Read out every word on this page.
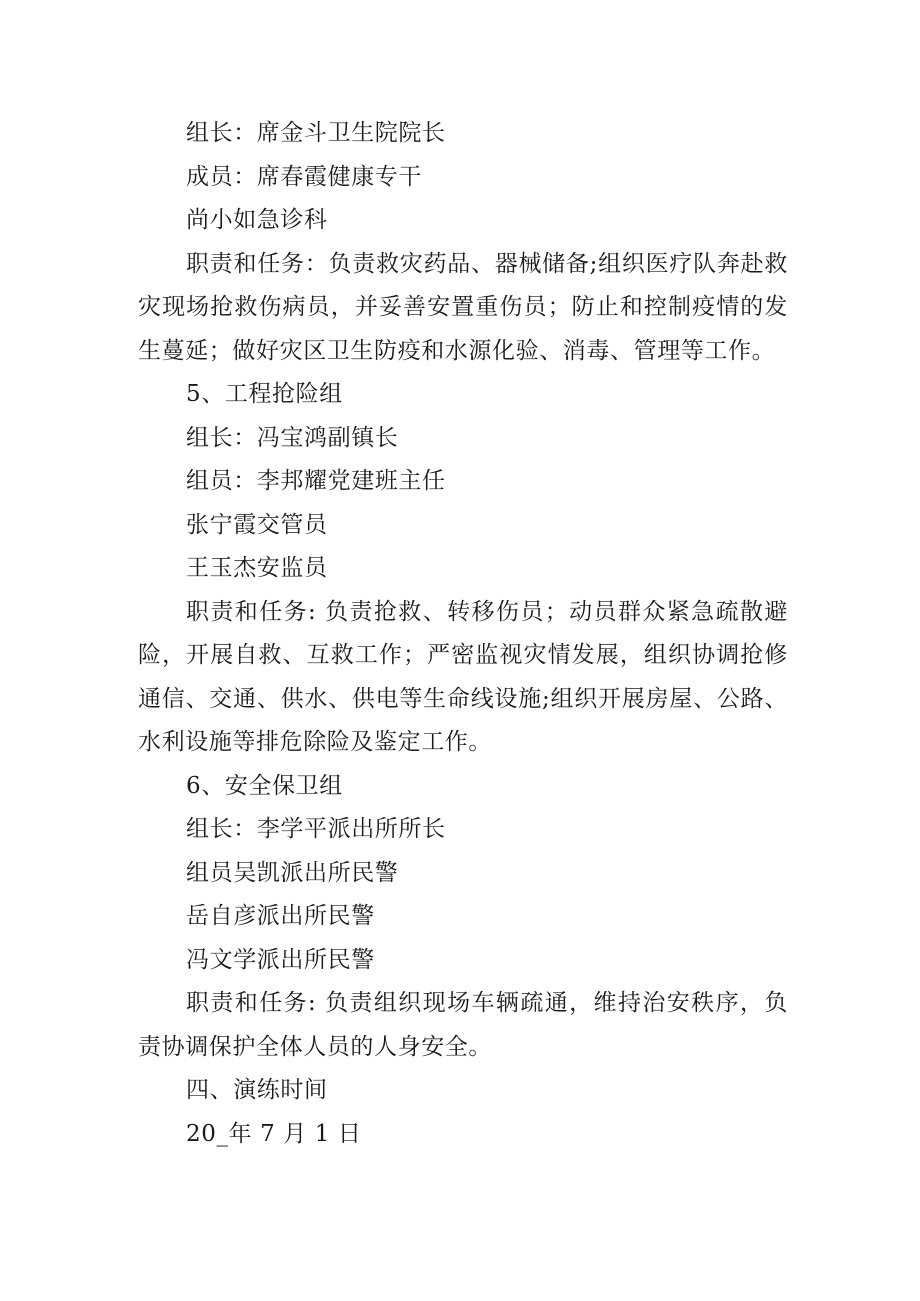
组长：席金斗卫生院院长

成员：席春霞健康专干

尚小如急诊科

职责和任务：负责救灾药品、器械储备;组织医疗队奔赴救灾现场抢救伤病员，并妥善安置重伤员；防止和控制疫情的发生蔓延；做好灾区卫生防疫和水源化验、消毒、管理等工作。

5、工程抢险组

组长：冯宝鸿副镇长

组员：李邦耀党建班主任

张宁霞交管员

王玉杰安监员

职责和任务: 负责抢救、转移伤员；动员群众紧急疏散避险，开展自救、互救工作；严密监视灾情发展，组织协调抢修通信、交通、供水、供电等生命线设施;组织开展房屋、公路、水利设施等排危除险及鉴定工作。

6、安全保卫组

组长：李学平派出所所长

组员吴凯派出所民警

岳自彦派出所民警

冯文学派出所民警

职责和任务: 负责组织现场车辆疏通，维持治安秩序，负责协调保护全体人员的人身安全。

四、演练时间

20_年 7 月 1 日
